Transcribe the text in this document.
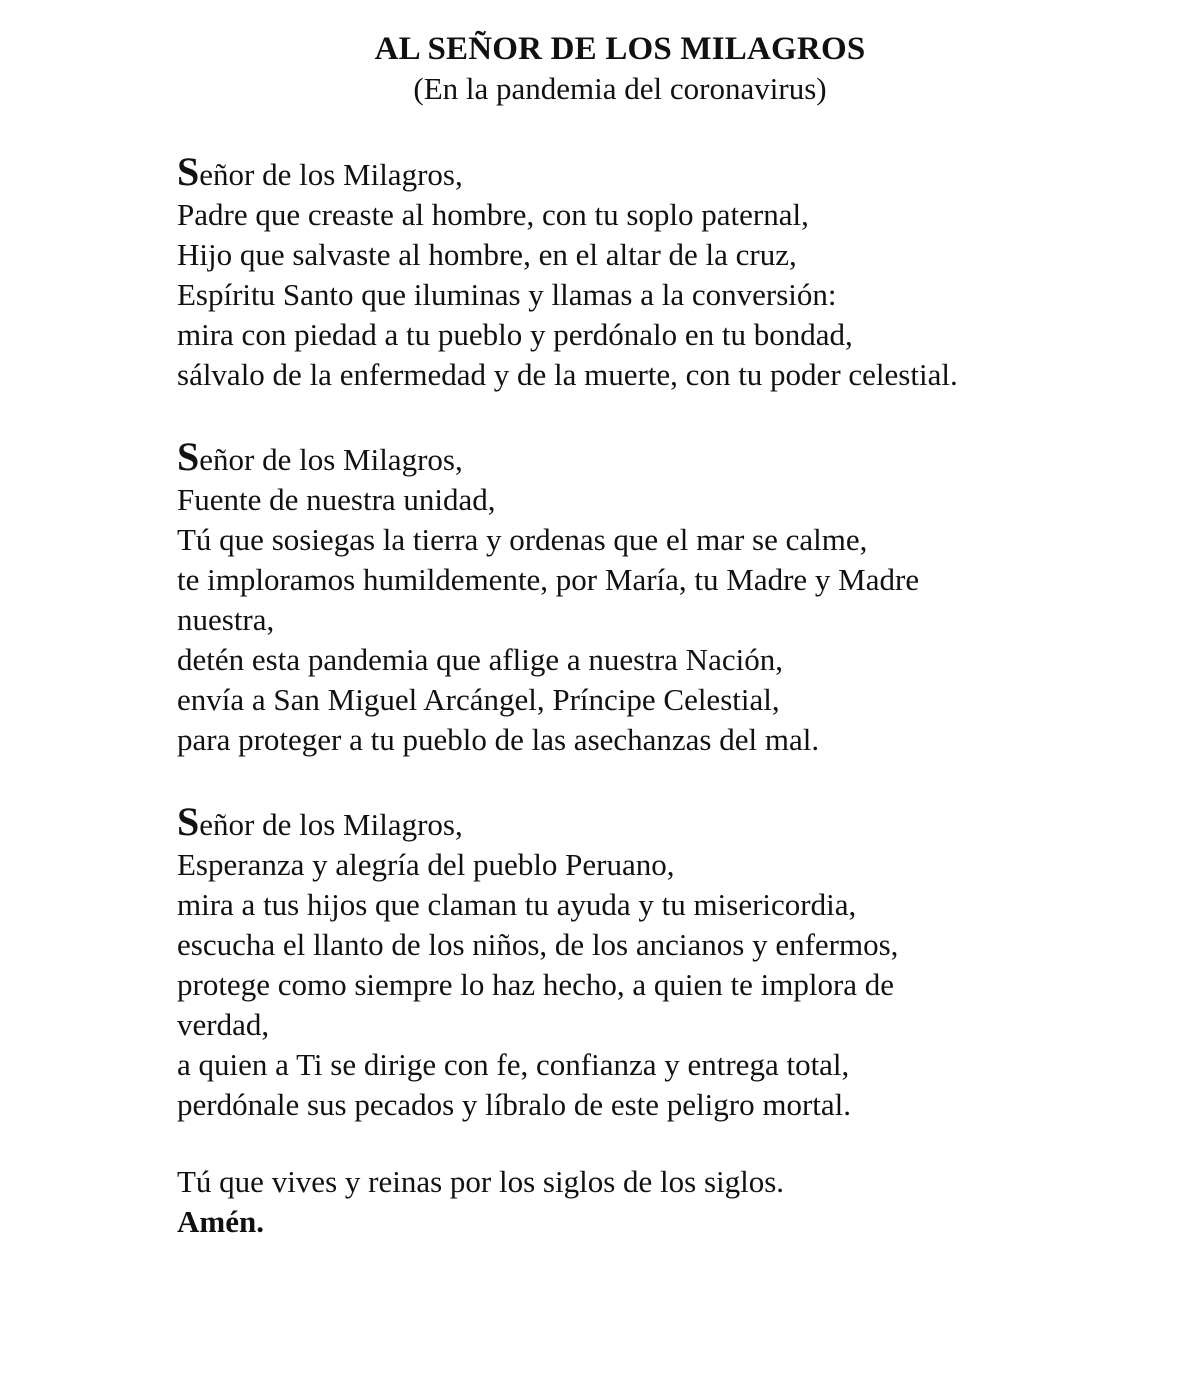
AL SEÑOR DE LOS MILAGROS
(En la pandemia del coronavirus)
Señor de los Milagros,
Padre que creaste al hombre, con tu soplo paternal,
Hijo que salvaste al hombre, en el altar de la cruz,
Espíritu Santo que iluminas y llamas a la conversión:
mira con piedad a tu pueblo y perdónalo en tu bondad,
sálvalo de la enfermedad y de la muerte, con tu poder celestial.
Señor de los Milagros,
Fuente de nuestra unidad,
Tú que sosiegas la tierra y ordenas que el mar se calme,
te imploramos humildemente, por María, tu Madre y Madre
nuestra,
detén esta pandemia que aflige a nuestra Nación,
envía a San Miguel Arcángel, Príncipe Celestial,
para proteger a tu pueblo de las asechanzas del mal.
Señor de los Milagros,
Esperanza y alegría del pueblo Peruano,
mira a tus hijos que claman tu ayuda y tu misericordia,
escucha el llanto de los niños, de los ancianos y enfermos,
protege como siempre lo haz hecho, a quien te implora de
verdad,
a quien a Ti se dirige con fe, confianza y entrega total,
perdónale sus pecados y líbralo de este peligro mortal.
Tú que vives y reinas por los siglos de los siglos.
Amén.
